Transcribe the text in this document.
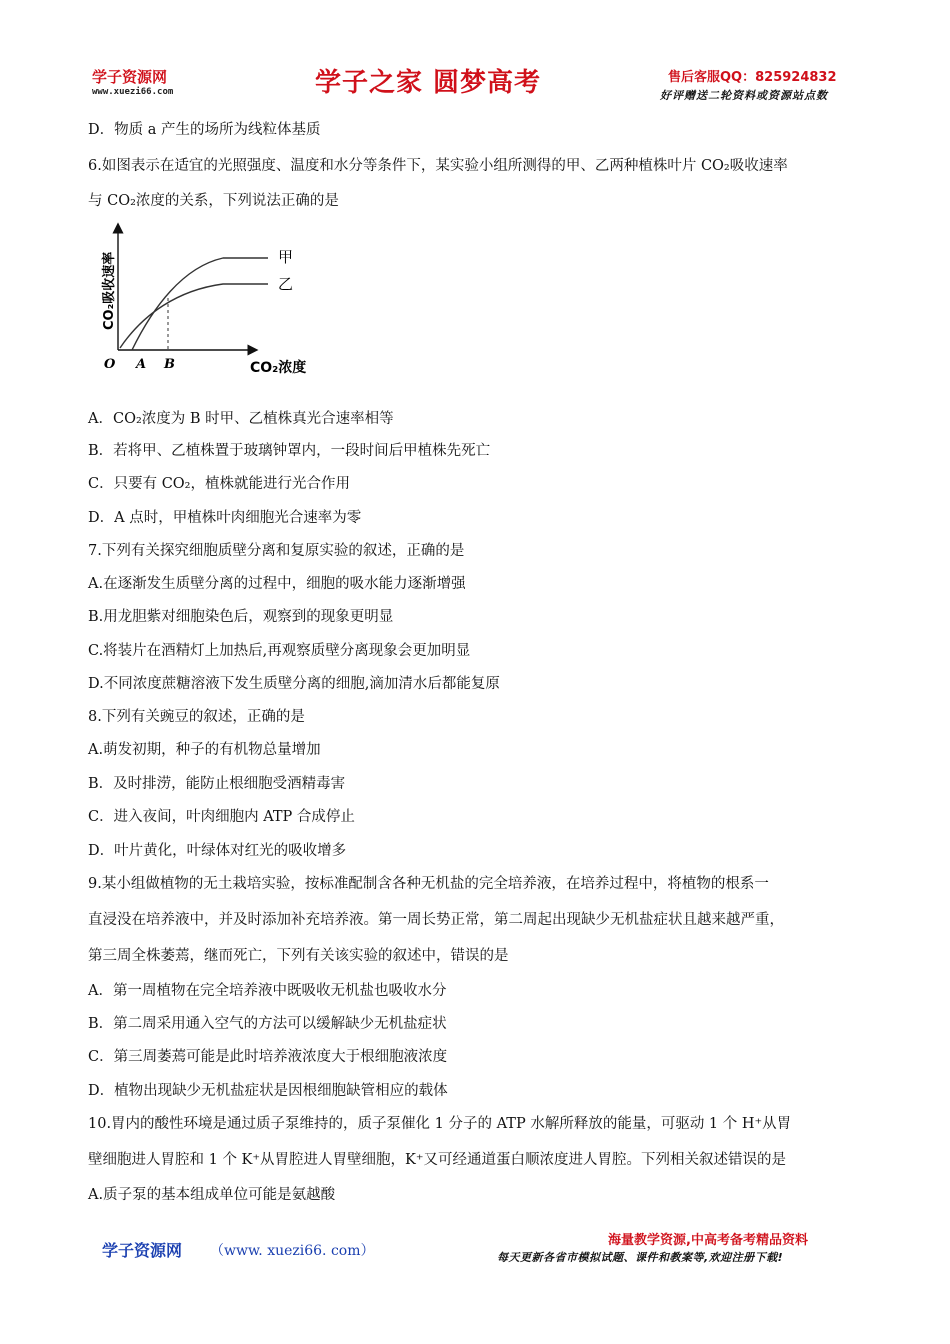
学子资源网
www.xuezi66.com	学子之家 圆梦高考	售后客服QQ：825924832
好评赠送二轮资料或资源站点数
D．物质 a 产生的场所为线粒体基质
6.如图表示在适宜的光照强度、温度和水分等条件下，某实验小组所测得的甲、乙两种植株叶片 CO₂吸收速率
与 CO₂浓度的关系，下列说法正确的是
甲
乙
O A B	CO₂浓度
CO₂吸收速率
A．CO₂浓度为 B 时甲、乙植株真光合速率相等
B．若将甲、乙植株置于玻璃钟罩内，一段时间后甲植株先死亡
C．只要有 CO₂，植株就能进行光合作用
D．A 点时，甲植株叶肉细胞光合速率为零
7.下列有关探究细胞质壁分离和复原实验的叙述，正确的是
A.在逐渐发生质壁分离的过程中，细胞的吸水能力逐渐增强
B.用龙胆紫对细胞染色后，观察到的现象更明显
C.将装片在酒精灯上加热后,再观察质壁分离现象会更加明显
D.不同浓度蔗糖溶液下发生质壁分离的细胞,滴加清水后都能复原
8.下列有关豌豆的叙述，正确的是
A.萌发初期，种子的有机物总量增加
B．及时排涝，能防止根细胞受酒精毒害
C．进入夜间，叶肉细胞内 ATP 合成停止
D．叶片黄化，叶绿体对红光的吸收增多
9.某小组做植物的无土栽培实验，按标准配制含各种无机盐的完全培养液，在培养过程中，将植物的根系一
直浸没在培养液中，并及时添加补充培养液。第一周长势正常，第二周起出现缺少无机盐症状且越来越严重，
第三周全株萎蔫，继而死亡，下列有关该实验的叙述中，错误的是
A．第一周植物在完全培养液中既吸收无机盐也吸收水分
B．第二周采用通入空气的方法可以缓解缺少无机盐症状
C．第三周萎蔫可能是此时培养液浓度大于根细胞液浓度
D．植物出现缺少无机盐症状是因根细胞缺管相应的载体
10.胃内的酸性环境是通过质子泵维持的，质子泵催化 1 分子的 ATP 水解所释放的能量，可驱动 1 个 H⁺从胃
壁细胞进人胃腔和 1 个 K⁺从胃腔进人胃壁细胞，K⁺又可经通道蛋白顺浓度进人胃腔。下列相关叙述错误的是
A.质子泵的基本组成单位可能是氨越酸
学子资源网 （www. xuezi66. com）
海量教学资源,中高考备考精品资料
每天更新各省市模拟试题、课件和教案等,欢迎注册下载!
